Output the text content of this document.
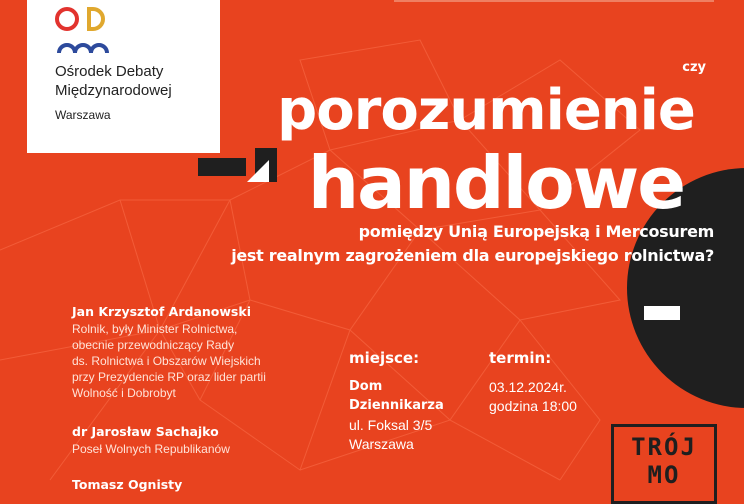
Ośrodek Debaty Międzynarodowej
Warszawa
czy
porozumienie
handlowe
pomiędzy Unią Europejską i Mercosurem
jest realnym zagrożeniem dla europejskiego rolnictwa?
Jan Krzysztof Ardanowski
Rolnik, były Minister Rolnictwa,
obecnie przewodniczący Rady
ds. Rolnictwa i Obszarów Wiejskich
przy Prezydencie RP oraz lider partii
Wolność i Dobrobyt
dr Jarosław Sachajko
Poseł Wolnych Republikanów
Tomasz Ognisty
miejsce:
Dom
Dziennikarza
ul. Foksal 3/5
Warszawa
termin:
03.12.2024r.
godzina 18:00
TRÓJ
MO
